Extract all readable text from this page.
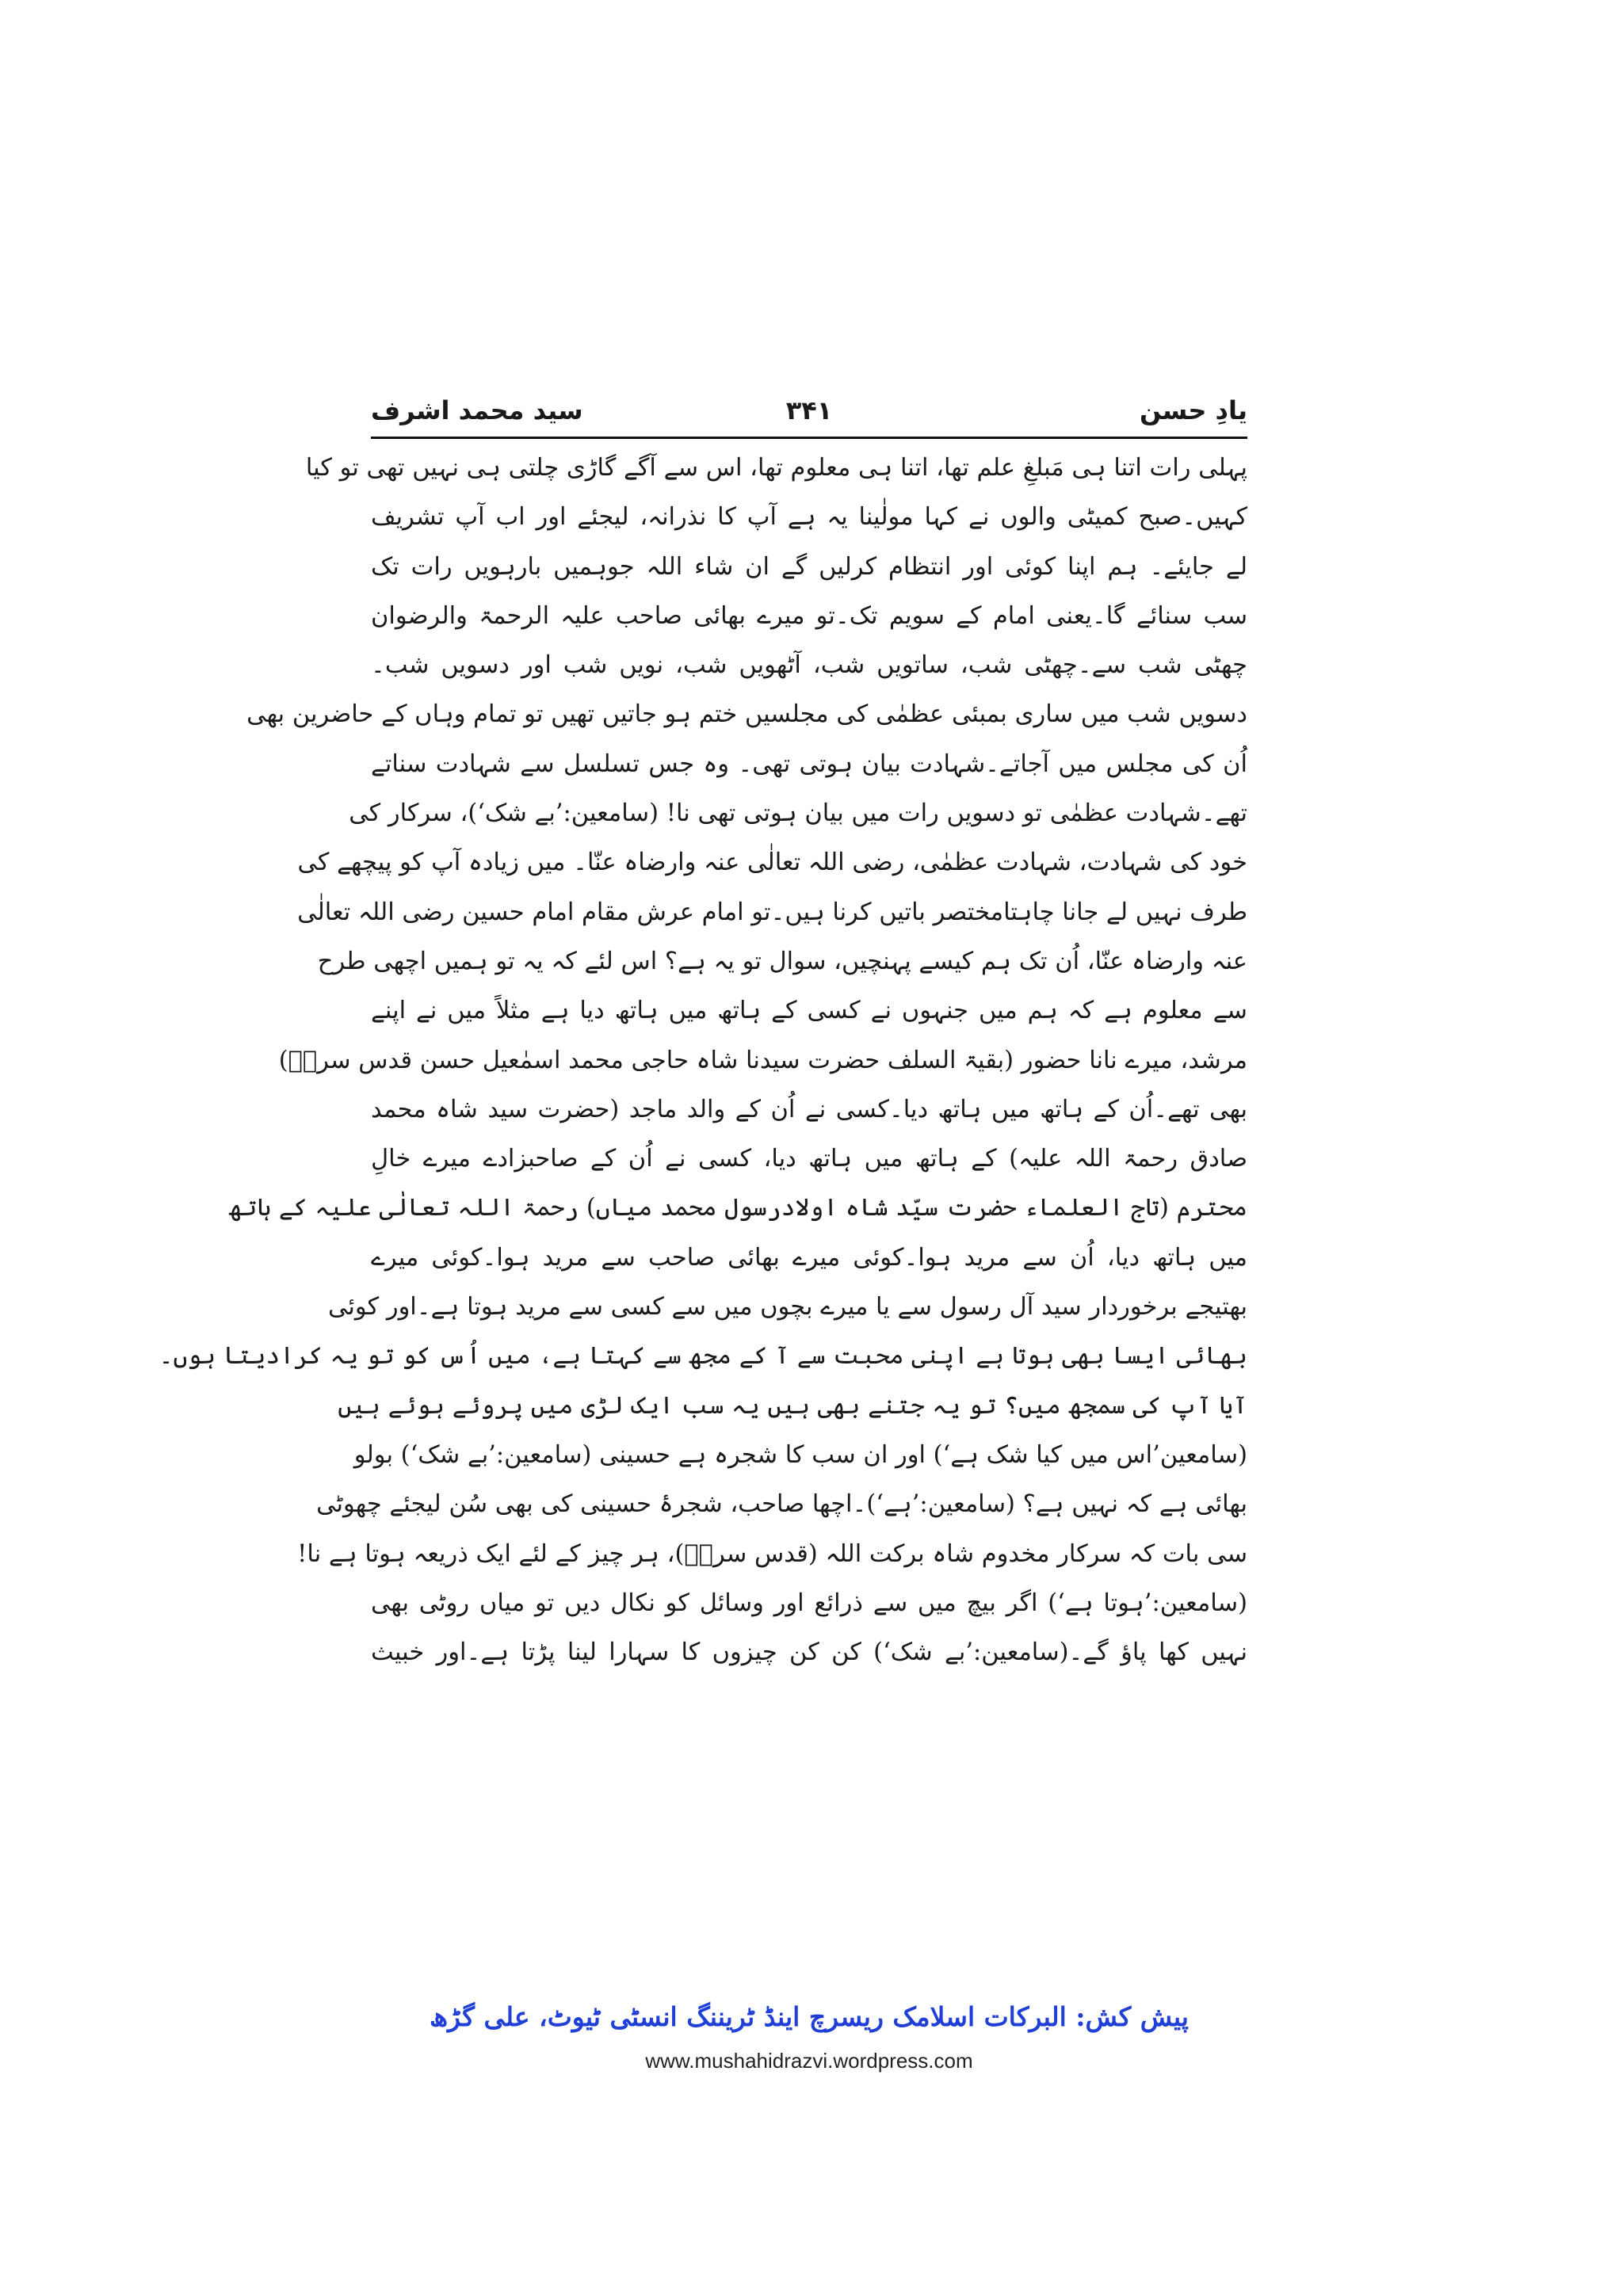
یادِ حسن
۳۴۱
سید محمد اشرف
پہلی رات اتنا ہی مَبلغِ علم تھا، اتنا ہی معلوم تھا، اس سے آگے گاڑی چلتی ہی نہیں تھی تو کیا
کہیں۔صبح کمیٹی والوں نے کہا مولٰینا یہ ہے آپ کا نذرانہ، لیجئے اور اب آپ تشریف
لے جایئے۔ ہم اپنا کوئی اور انتظام کرلیں گے ان شاء اللہ جوہمیں بارہویں رات تک
سب سنائے گا۔یعنی امام کے سویم تک۔تو میرے بھائی صاحب علیہ الرحمۃ والرضوان
چھٹی شب سے۔چھٹی شب، ساتویں شب، آٹھویں شب، نویں شب اور دسویں شب۔
دسویں شب میں ساری بمبئی عظمٰی کی مجلسیں ختم ہو جاتیں تھیں تو تمام وہاں کے حاضرین بھی
اُن کی مجلس میں آجاتے۔شہادت بیان ہوتی تھی۔ وہ جس تسلسل سے شہادت سناتے
تھے۔شہادت عظمٰی تو دسویں رات میں بیان ہوتی تھی نا! (سامعین:’بے شک‘)، سرکار کی
خود کی شہادت، شہادت عظمٰی، رضی اللہ تعالٰی عنہ وارضاہ عنّا۔ میں زیادہ آپ کو پیچھے کی
طرف نہیں لے جانا چاہتامختصر باتیں کرنا ہیں۔تو امام عرش مقام امام حسین رضی اللہ تعالٰی
عنہ وارضاہ عنّا، اُن تک ہم کیسے پہنچیں، سوال تو یہ ہے؟ اس لئے کہ یہ تو ہمیں اچھی طرح
سے معلوم ہے کہ ہم میں جنہوں نے کسی کے ہاتھ میں ہاتھ دیا ہے مثلاً میں نے اپنے
مرشد، میرے نانا حضور (بقیۃ السلف حضرت سیدنا شاہ حاجی محمد اسمٰعیل حسن قدس سرہٗ)
بھی تھے۔اُن کے ہاتھ میں ہاتھ دیا۔کسی نے اُن کے والد ماجد (حضرت سید شاہ محمد
صادق رحمۃ اللہ علیہ) کے ہاتھ میں ہاتھ دیا، کسی نے اُن کے صاحبزادے میرے خالِ
محترم (تاج العلماء حضرت سیّد شاہ اولادرسول محمد میاں) رحمۃ اللہ تعالٰی علیہ کے ہاتھ
میں ہاتھ دیا، اُن سے مرید ہوا۔کوئی میرے بھائی صاحب سے مرید ہوا۔کوئی میرے
بھتیجے برخوردار سید آل رسول سے یا میرے بچوں میں سے کسی سے مرید ہوتا ہے۔اور کوئی
بھائی ایسا بھی ہوتا ہے اپنی محبت سے آ کے مجھ سے کہتا ہے، میں اُس کو تو یہ کرادیتا ہوں۔
آیا آپ کی سمجھ میں؟ تو یہ جتنے بھی ہیں یہ سب ایک لڑی میں پروئے ہوئے ہیں
(سامعین’اس میں کیا شک ہے‘) اور ان سب کا شجرہ ہے حسینی (سامعین:’بے شک‘) بولو
بھائی ہے کہ نہیں ہے؟ (سامعین:’ہے‘)۔اچھا صاحب، شجرۂ حسینی کی بھی سُن لیجئے چھوٹی
سی بات کہ سرکار مخدوم شاہ برکت اللہ (قدس سرہٗ)، ہر چیز کے لئے ایک ذریعہ ہوتا ہے نا!
(سامعین:’ہوتا ہے‘) اگر بیچ میں سے ذرائع اور وسائل کو نکال دیں تو میاں روٹی بھی
نہیں کھا پاؤ گے۔(سامعین:’بے شک‘) کن کن چیزوں کا سہارا لینا پڑتا ہے۔اور خبیث
پیش کش: البرکات اسلامک ریسرچ اینڈ ٹریننگ انسٹی ٹیوٹ، علی گڑھ
www.mushahidrazvi.wordpress.com
